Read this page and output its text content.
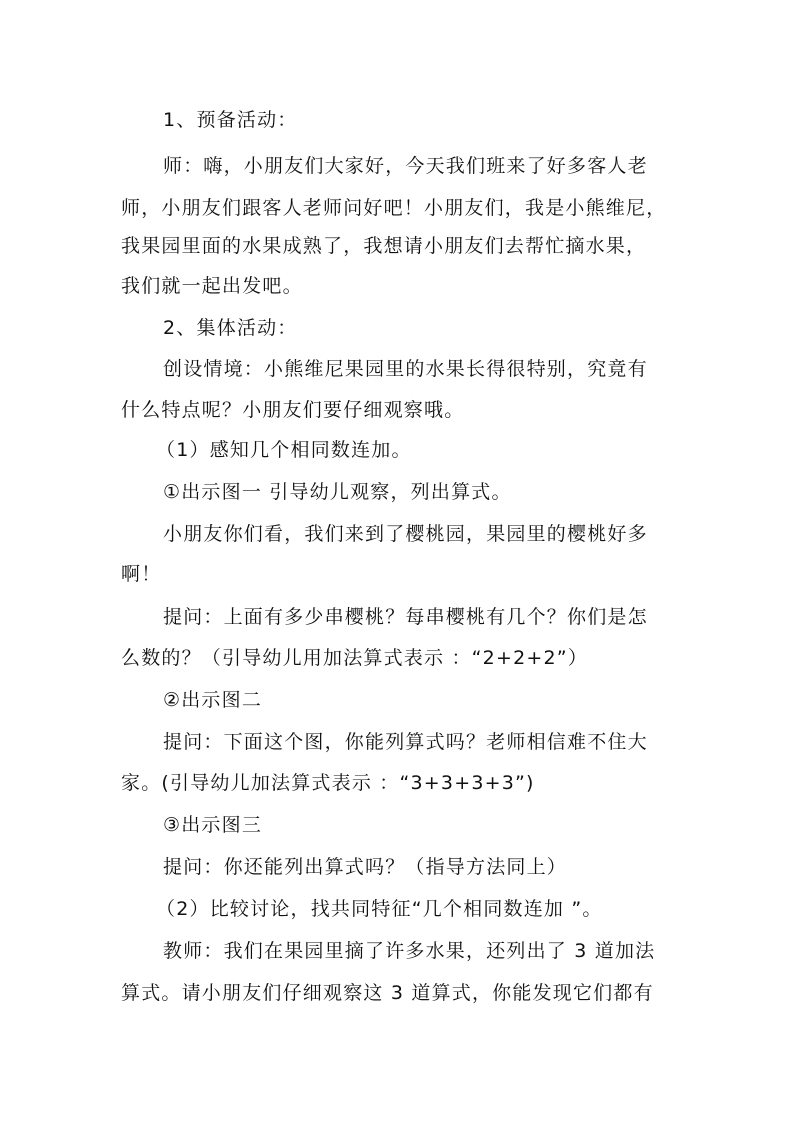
1、预备活动：
师：嗨，小朋友们大家好，今天我们班来了好多客人老
师，小朋友们跟客人老师问好吧！小朋友们，我是小熊维尼，
我果园里面的水果成熟了，我想请小朋友们去帮忙摘水果，
我们就一起出发吧。
2、集体活动：
创设情境：小熊维尼果园里的水果长得很特别，究竟有
什么特点呢？小朋友们要仔细观察哦。
（1）感知几个相同数连加。
①出示图一 引导幼儿观察，列出算式。
小朋友你们看，我们来到了樱桃园，果园里的樱桃好多
啊！
提问：上面有多少串樱桃？每串樱桃有几个？你们是怎
么数的？（引导幼儿用加法算式表示 ：“2+2+2”）
②出示图二
提问：下面这个图，你能列算式吗？老师相信难不住大
家。(引导幼儿加法算式表示 ：“3+3+3+3”)
③出示图三
提问：你还能列出算式吗？（指导方法同上）
（2）比较讨论，找共同特征“几个相同数连加 ”。
教师：我们在果园里摘了许多水果，还列出了 3 道加法
算式。请小朋友们仔细观察这 3 道算式，你能发现它们都有
